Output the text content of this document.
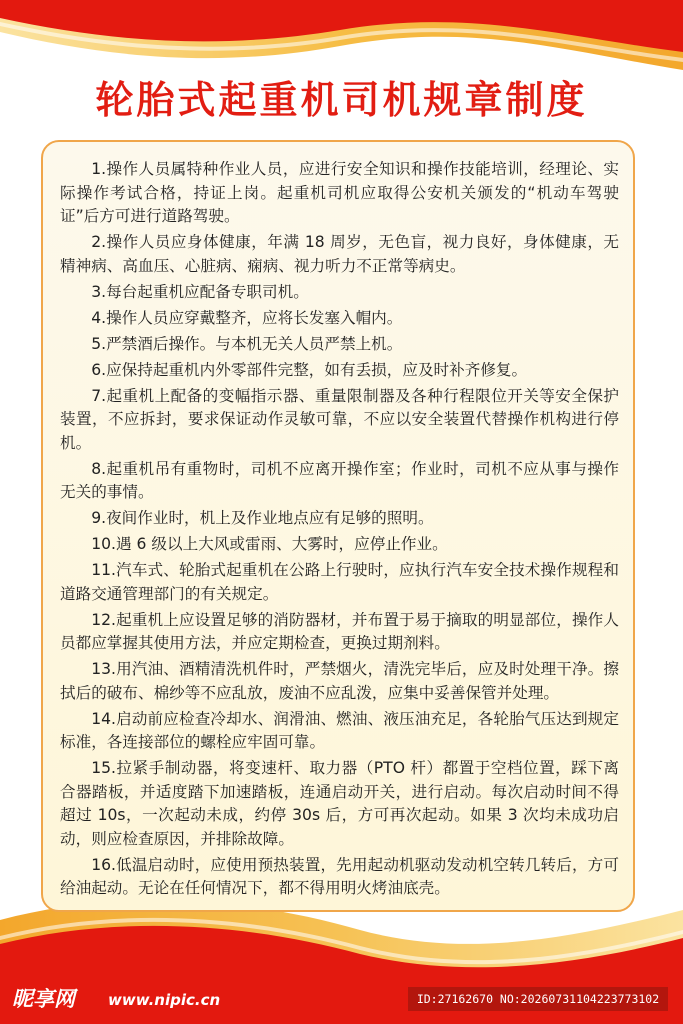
轮胎式起重机司机规章制度

1.操作人员属特种作业人员，应进行安全知识和操作技能培训，经理论、实际操作考试合格，持证上岗。起重机司机应取得公安机关颁发的“机动车驾驶证”后方可进行道路驾驶。

2.操作人员应身体健康，年满 18 周岁，无色盲，视力良好，身体健康，无精神病、高血压、心脏病、痫病、视力听力不正常等病史。

3.每台起重机应配备专职司机。

4.操作人员应穿戴整齐，应将长发塞入帽内。

5.严禁酒后操作。与本机无关人员严禁上机。

6.应保持起重机内外零部件完整，如有丢损，应及时补齐修复。

7.起重机上配备的变幅指示器、重量限制器及各种行程限位开关等安全保护装置，不应拆封，要求保证动作灵敏可靠，不应以安全装置代替操作机构进行停机。

8.起重机吊有重物时，司机不应离开操作室；作业时，司机不应从事与操作无关的事情。

9.夜间作业时，机上及作业地点应有足够的照明。

10.遇 6 级以上大风或雷雨、大雾时，应停止作业。

11.汽车式、轮胎式起重机在公路上行驶时，应执行汽车安全技术操作规程和道路交通管理部门的有关规定。

12.起重机上应设置足够的消防器材，并布置于易于摘取的明显部位，操作人员都应掌握其使用方法，并应定期检查，更换过期剂料。

13.用汽油、酒精清洗机件时，严禁烟火，清洗完毕后，应及时处理干净。擦拭后的破布、棉纱等不应乱放，废油不应乱泼，应集中妥善保管并处理。

14.启动前应检查冷却水、润滑油、燃油、液压油充足，各轮胎气压达到规定标准，各连接部位的螺栓应牢固可靠。

15.拉紧手制动器，将变速杆、取力器（PTO 杆）都置于空档位置，踩下离合器踏板，并适度踏下加速踏板，连通启动开关，进行启动。每次启动时间不得超过 10s，一次起动未成，约停 30s 后，方可再次起动。如果 3 次均未成功启动，则应检查原因，并排除故障。

16.低温启动时，应使用预热装置，先用起动机驱动发动机空转几转后，方可给油起动。无论在任何情况下，都不得用明火烤油底壳。

昵享网 www.nipic.cn	ID:27162670 NO:20260731104223773102
